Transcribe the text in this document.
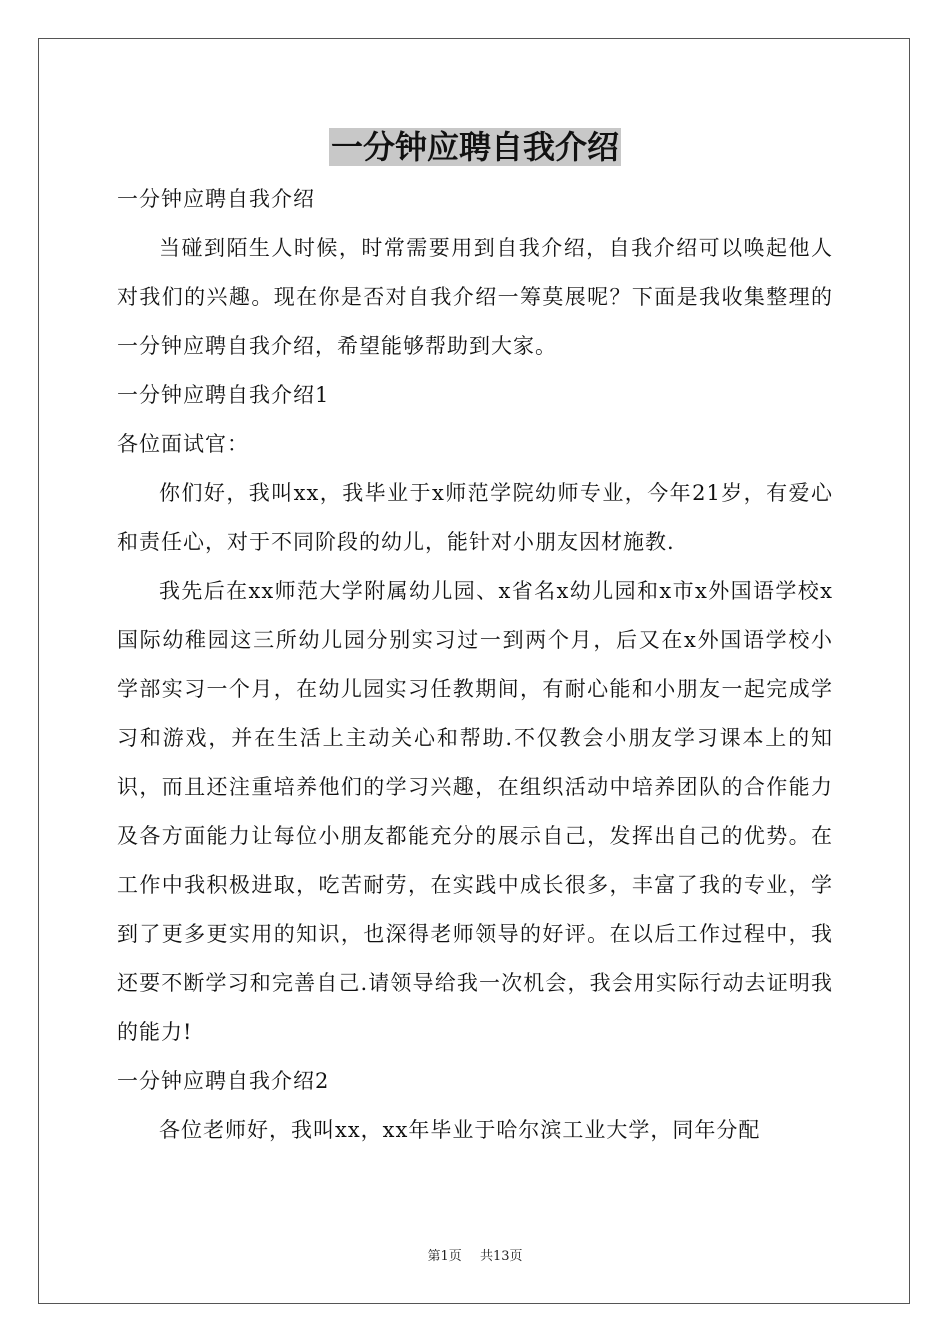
一分钟应聘自我介绍

一分钟应聘自我介绍

当碰到陌生人时候，时常需要用到自我介绍，自我介绍可以唤起他人对我们的兴趣。现在你是否对自我介绍一筹莫展呢？下面是我收集整理的一分钟应聘自我介绍，希望能够帮助到大家。

一分钟应聘自我介绍1

各位面试官：

你们好，我叫xx，我毕业于x师范学院幼师专业，今年21岁，有爱心和责任心，对于不同阶段的幼儿，能针对小朋友因材施教.

我先后在xx师范大学附属幼儿园、x省名x幼儿园和x市x外国语学校x国际幼稚园这三所幼儿园分别实习过一到两个月，后又在x外国语学校小学部实习一个月，在幼儿园实习任教期间，有耐心能和小朋友一起完成学习和游戏，并在生活上主动关心和帮助.不仅教会小朋友学习课本上的知识，而且还注重培养他们的学习兴趣，在组织活动中培养团队的合作能力及各方面能力让每位小朋友都能充分的展示自己，发挥出自己的优势。在工作中我积极进取，吃苦耐劳，在实践中成长很多，丰富了我的专业，学到了更多更实用的知识，也深得老师领导的好评。在以后工作过程中，我还要不断学习和完善自己.请领导给我一次机会，我会用实际行动去证明我的能力!

一分钟应聘自我介绍2

各位老师好，我叫xx，xx年毕业于哈尔滨工业大学，同年分配

第1页 共13页
